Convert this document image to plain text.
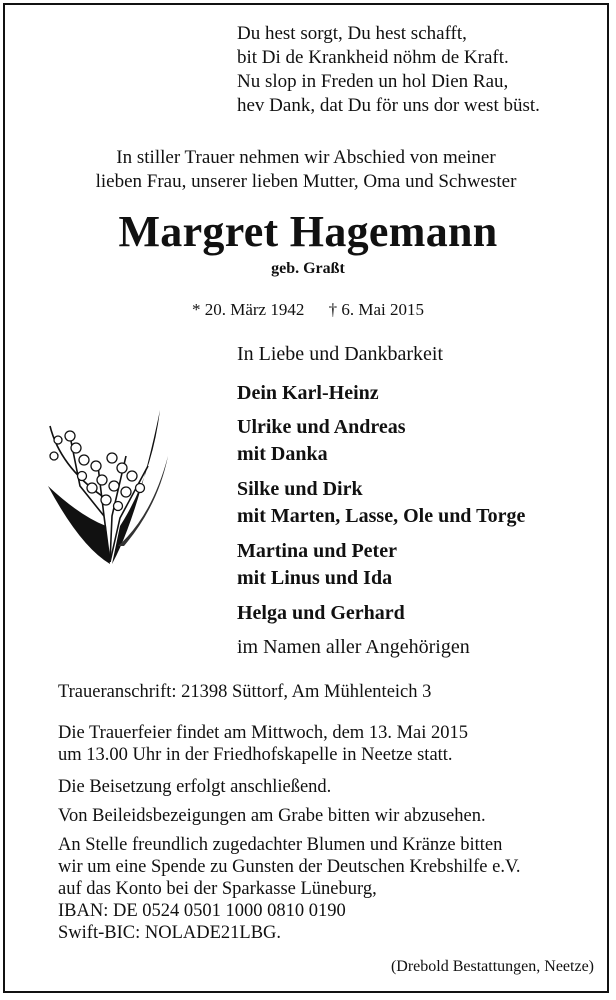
Du hest sorgt, Du hest schafft,
bit Di de Krankheid nöhm de Kraft.
Nu slop in Freden un hol Dien Rau,
hev Dank, dat Du för uns dor west büst.
In stiller Trauer nehmen wir Abschied von meiner
lieben Frau, unserer lieben Mutter, Oma und Schwester
Margret Hagemann
geb. Graßt
* 20. März 1942 † 6. Mai 2015
In Liebe und Dankbarkeit
Dein Karl-Heinz
Ulrike und Andreas
mit Danka
Silke und Dirk
mit Marten, Lasse, Ole und Torge
Martina und Peter
mit Linus und Ida
Helga und Gerhard
im Namen aller Angehörigen
Traueranschrift: 21398 Süttorf, Am Mühlenteich 3
Die Trauerfeier findet am Mittwoch, dem 13. Mai 2015
um 13.00 Uhr in der Friedhofskapelle in Neetze statt.
Die Beisetzung erfolgt anschließend.
Von Beileidsbezeigungen am Grabe bitten wir abzusehen.
An Stelle freundlich zugedachter Blumen und Kränze bitten
wir um eine Spende zu Gunsten der Deutschen Krebshilfe e.V.
auf das Konto bei der Sparkasse Lüneburg,
IBAN: DE 0524 0501 1000 0810 0190
Swift-BIC: NOLADE21LBG.
(Drebold Bestattungen, Neetze)
